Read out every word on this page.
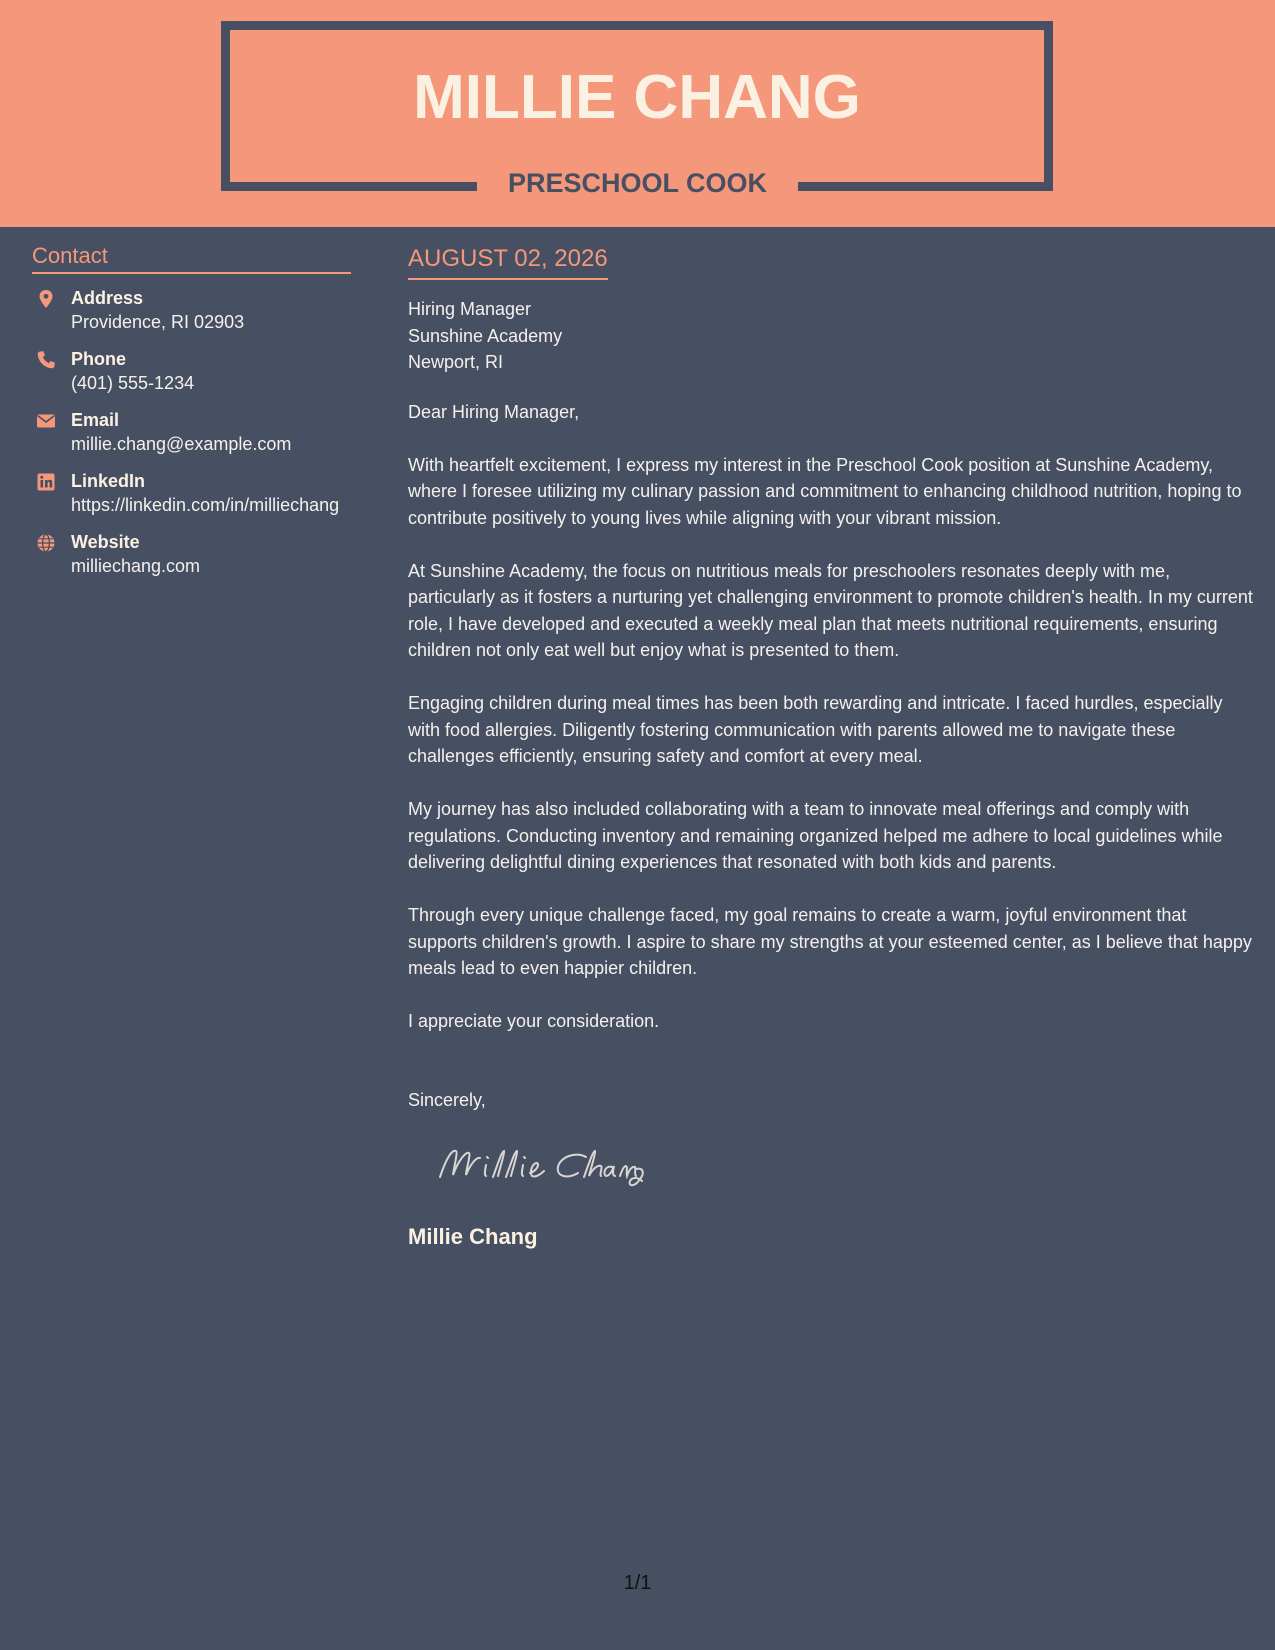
MILLIE CHANG
PRESCHOOL COOK
Contact
Address
Providence, RI 02903
Phone
(401) 555-1234
Email
millie.chang@example.com
LinkedIn
https://linkedin.com/in/milliechang
Website
milliechang.com
AUGUST 02, 2026
Hiring Manager
Sunshine Academy
Newport, RI

Dear Hiring Manager,

With heartfelt excitement, I express my interest in the Preschool Cook position at Sunshine Academy, where I foresee utilizing my culinary passion and commitment to enhancing childhood nutrition, hoping to contribute positively to young lives while aligning with your vibrant mission.

At Sunshine Academy, the focus on nutritious meals for preschoolers resonates deeply with me, particularly as it fosters a nurturing yet challenging environment to promote children's health. In my current role, I have developed and executed a weekly meal plan that meets nutritional requirements, ensuring children not only eat well but enjoy what is presented to them.

Engaging children during meal times has been both rewarding and intricate. I faced hurdles, especially with food allergies. Diligently fostering communication with parents allowed me to navigate these challenges efficiently, ensuring safety and comfort at every meal.

My journey has also included collaborating with a team to innovate meal offerings and comply with regulations. Conducting inventory and remaining organized helped me adhere to local guidelines while delivering delightful dining experiences that resonated with both kids and parents.

Through every unique challenge faced, my goal remains to create a warm, joyful environment that supports children's growth. I aspire to share my strengths at your esteemed center, as I believe that happy meals lead to even happier children.

I appreciate your consideration.

Sincerely,
Millie Chang
1/1
